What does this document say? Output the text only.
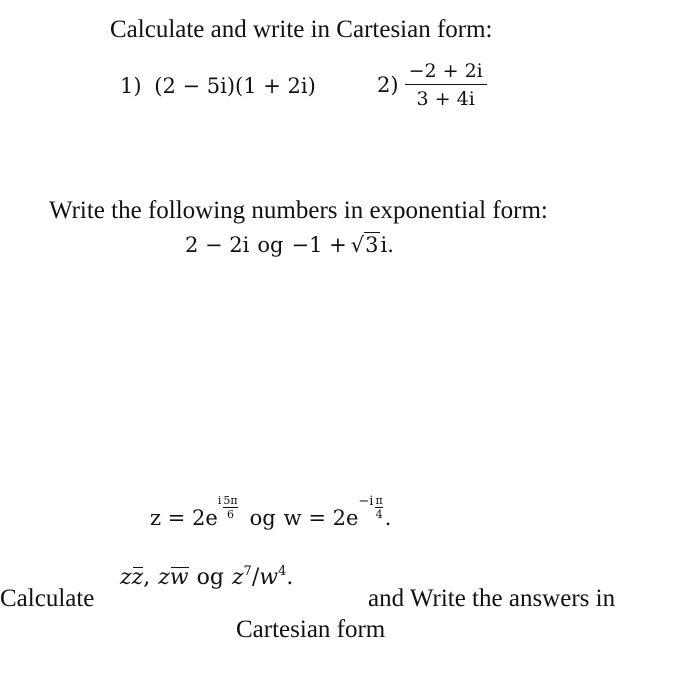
Calculate and write in Cartesian form:
1) (2 − 5i)(1 + 2i)	$2) \frac{-2 + 2i}{3 + 4i}$
Write the following numbers in exponential form:
2 − 2i og −1 + √ 3 i.
z = 2e
i 5π
6 og w = 2e
−i π
4 .
Calculate
z z , z w og z 7 / w 4 .
and Write the answers in
Cartesian form
